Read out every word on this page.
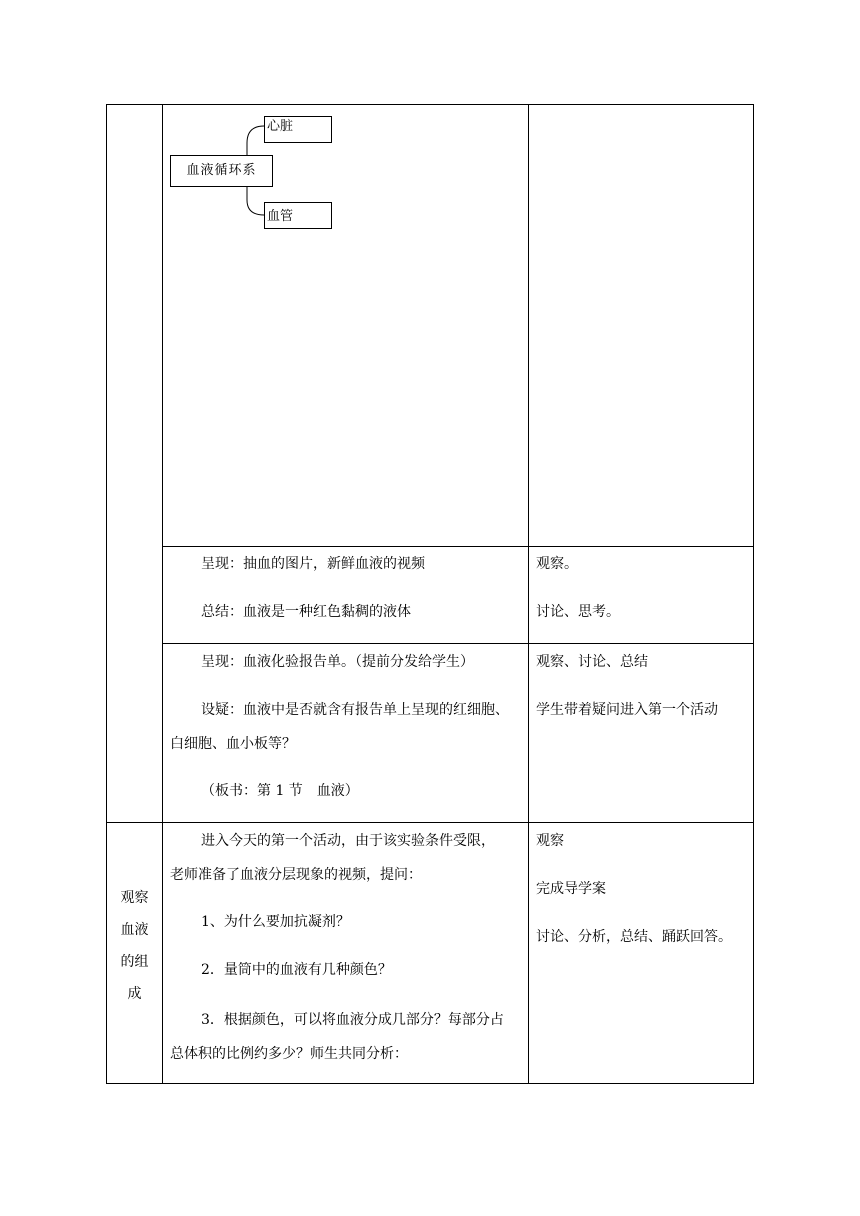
血液循环系
心脏
血管
呈现：抽血的图片，新鲜血液的视频
总结：血液是一种红色黏稠的液体
观察。
讨论、思考。
呈现：血液化验报告单。（提前分发给学生）
设疑：血液中是否就含有报告单上呈现的红细胞、
白细胞、血小板等？
（板书：第 1 节　血液）
观察、讨论、总结
学生带着疑问进入第一个活动
观察
血液
的组
成
进入今天的第一个活动，由于该实验条件受限，
老师准备了血液分层现象的视频，提问：
1、为什么要加抗凝剂？
2．量筒中的血液有几种颜色？
3．根据颜色，可以将血液分成几部分？每部分占
总体积的比例约多少？师生共同分析：
观察
完成导学案
讨论、分析，总结、踊跃回答。
